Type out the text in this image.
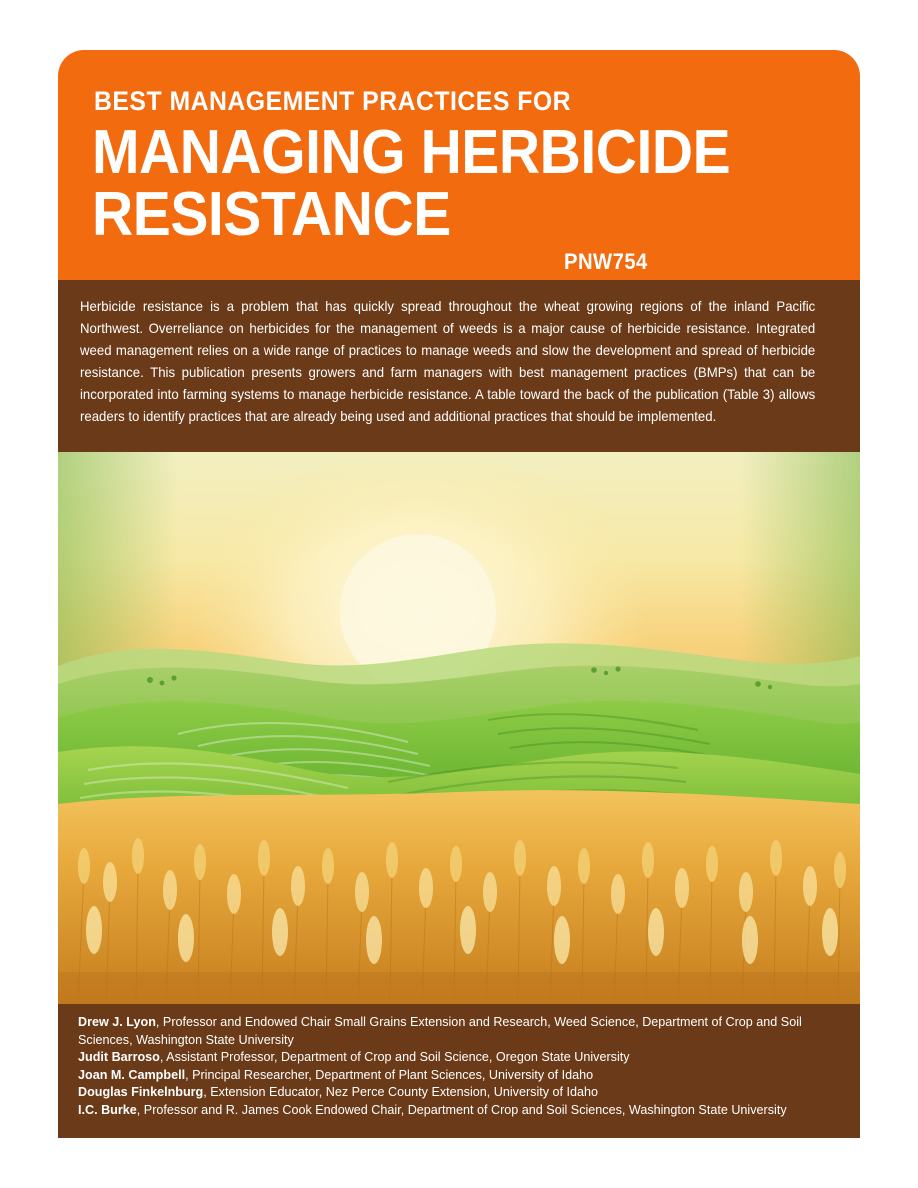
BEST MANAGEMENT PRACTICES FOR
MANAGING HERBICIDE RESISTANCE
PNW754

Herbicide resistance is a problem that has quickly spread throughout the wheat growing regions of the inland Pacific Northwest. Overreliance on herbicides for the management of weeds is a major cause of herbicide resistance. Integrated weed management relies on a wide range of practices to manage weeds and slow the development and spread of herbicide resistance. This publication presents growers and farm managers with best management practices (BMPs) that can be incorporated into farming systems to manage herbicide resistance. A table toward the back of the publication (Table 3) allows readers to identify practices that are already being used and additional practices that should be implemented.

Drew J. Lyon, Professor and Endowed Chair Small Grains Extension and Research, Weed Science, Department of Crop and Soil Sciences, Washington State University
Judit Barroso, Assistant Professor, Department of Crop and Soil Science, Oregon State University
Joan M. Campbell, Principal Researcher, Department of Plant Sciences, University of Idaho
Douglas Finkelnburg, Extension Educator, Nez Perce County Extension, University of Idaho
I.C. Burke, Professor and R. James Cook Endowed Chair, Department of Crop and Soil Sciences, Washington State University
